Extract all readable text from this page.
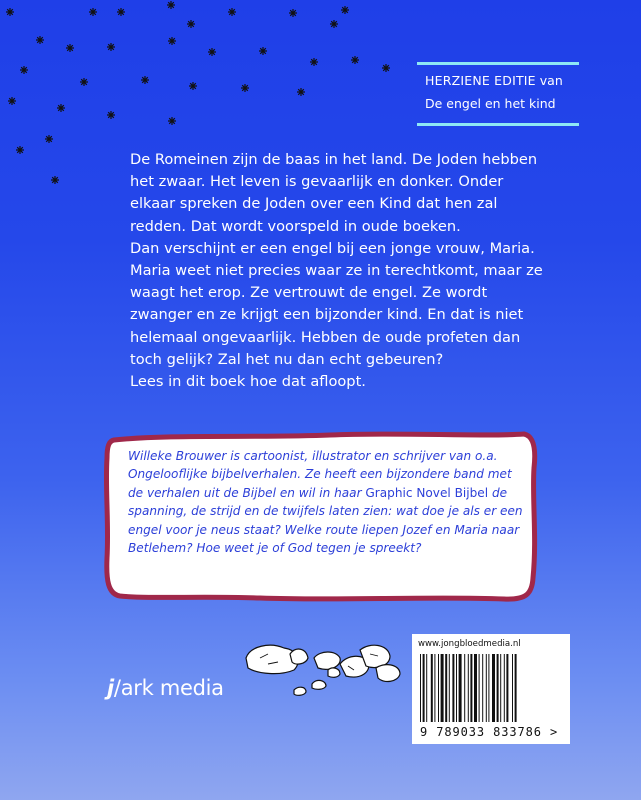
HERZIENE EDITIE van
De engel en het kind

De Romeinen zijn de baas in het land. De Joden hebben het zwaar. Het leven is gevaarlijk en donker. Onder elkaar spreken de Joden over een Kind dat hen zal redden. Dat wordt voorspeld in oude boeken.

Dan verschijnt er een engel bij een jonge vrouw, Maria. Maria weet niet precies waar ze in terechtkomt, maar ze waagt het erop. Ze vertrouwt de engel. Ze wordt zwanger en ze krijgt een bijzonder kind. En dat is niet helemaal ongevaarlijk. Hebben de oude profeten dan toch gelijk? Zal het nu dan echt gebeuren?

Lees in dit boek hoe dat afloopt.

Willeke Brouwer is cartoonist, illustrator en schrijver van o.a. Ongelooflijke bijbelverhalen. Ze heeft een bijzondere band met de verhalen uit de Bijbel en wil in haar Graphic Novel Bijbel de spanning, de strijd en de twijfels laten zien: wat doe je als er een engel voor je neus staat? Welke route liepen Jozef en Maria naar Betlehem? Hoe weet je of God tegen je spreekt?
j/ark media
www.jongbloedmedia.nl
9 789033 833786 >
